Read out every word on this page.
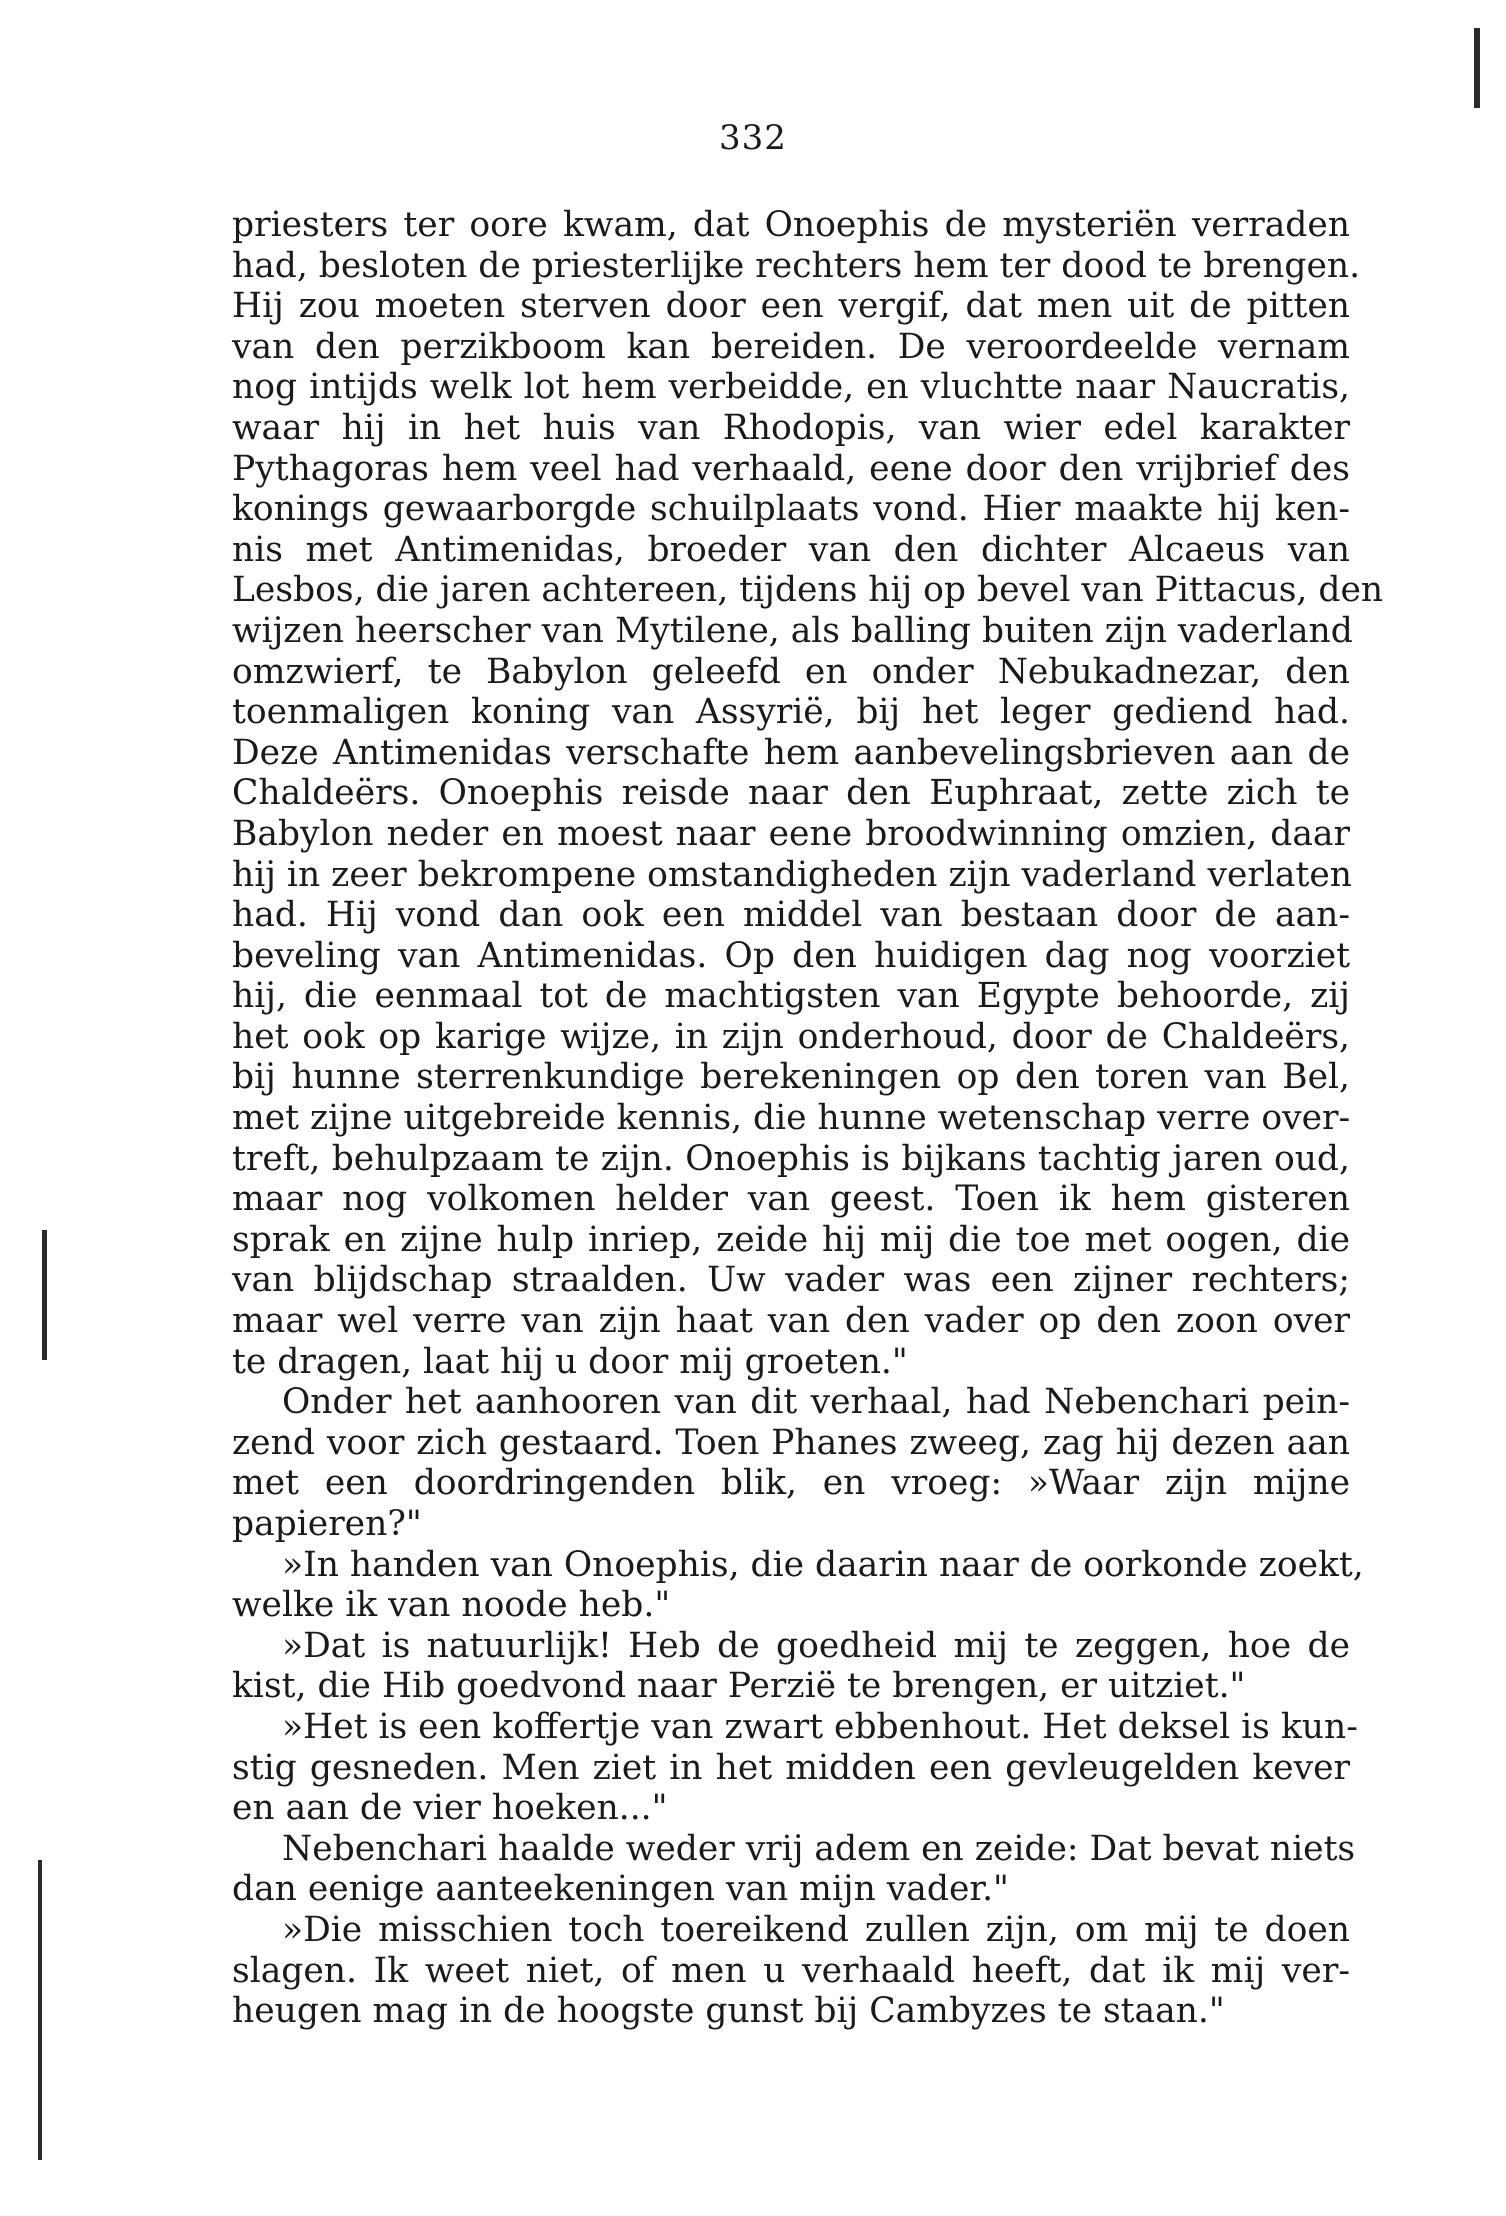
332
priesters ter oore kwam, dat Onoephis de mysteriën verraden
had, besloten de priesterlijke rechters hem ter dood te brengen.
Hij zou moeten sterven door een vergif, dat men uit de pitten
van den perzikboom kan bereiden. De veroordeelde vernam
nog intijds welk lot hem verbeidde, en vluchtte naar Naucratis,
waar hij in het huis van Rhodopis, van wier edel karakter
Pythagoras hem veel had verhaald, eene door den vrijbrief des
konings gewaarborgde schuilplaats vond. Hier maakte hij ken-
nis met Antimenidas, broeder van den dichter Alcaeus van
Lesbos, die jaren achtereen, tijdens hij op bevel van Pittacus, den
wijzen heerscher van Mytilene, als balling buiten zijn vaderland
omzwierf, te Babylon geleefd en onder Nebukadnezar, den
toenmaligen koning van Assyrië, bij het leger gediend had.
Deze Antimenidas verschafte hem aanbevelingsbrieven aan de
Chaldeërs. Onoephis reisde naar den Euphraat, zette zich te
Babylon neder en moest naar eene broodwinning omzien, daar
hij in zeer bekrompene omstandigheden zijn vaderland verlaten
had. Hij vond dan ook een middel van bestaan door de aan-
beveling van Antimenidas. Op den huidigen dag nog voorziet
hij, die eenmaal tot de machtigsten van Egypte behoorde, zij
het ook op karige wijze, in zijn onderhoud, door de Chaldeërs,
bij hunne sterrenkundige berekeningen op den toren van Bel,
met zijne uitgebreide kennis, die hunne wetenschap verre over-
treft, behulpzaam te zijn. Onoephis is bijkans tachtig jaren oud,
maar nog volkomen helder van geest. Toen ik hem gisteren
sprak en zijne hulp inriep, zeide hij mij die toe met oogen, die
van blijdschap straalden. Uw vader was een zijner rechters;
maar wel verre van zijn haat van den vader op den zoon over
te dragen, laat hij u door mij groeten."
Onder het aanhooren van dit verhaal, had Nebenchari pein-
zend voor zich gestaard. Toen Phanes zweeg, zag hij dezen aan
met een doordringenden blik, en vroeg: »Waar zijn mijne
papieren?"
»In handen van Onoephis, die daarin naar de oorkonde zoekt,
welke ik van noode heb."
»Dat is natuurlijk! Heb de goedheid mij te zeggen, hoe de
kist, die Hib goedvond naar Perzië te brengen, er uitziet."
»Het is een koffertje van zwart ebbenhout. Het deksel is kun-
stig gesneden. Men ziet in het midden een gevleugelden kever
en aan de vier hoeken..."
Nebenchari haalde weder vrij adem en zeide: Dat bevat niets
dan eenige aanteekeningen van mijn vader."
»Die misschien toch toereikend zullen zijn, om mij te doen
slagen. Ik weet niet, of men u verhaald heeft, dat ik mij ver-
heugen mag in de hoogste gunst bij Cambyzes te staan."
